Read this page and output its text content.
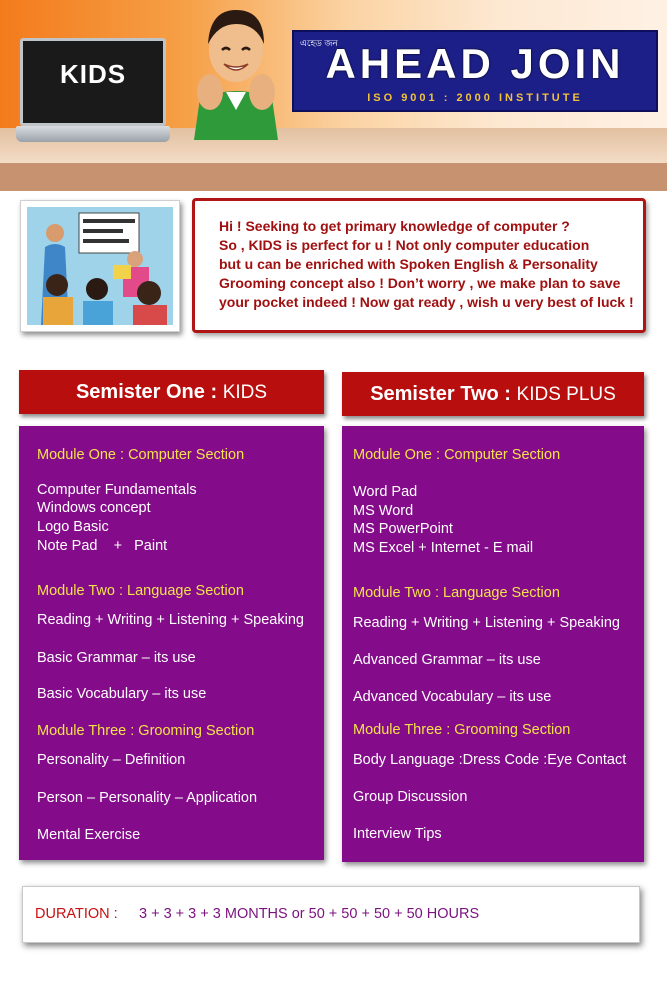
KIDS
এহেড জন
AHEAD JOIN
ISO 9001 : 2000 INSTITUTE
Hi ! Seeking to get primary knowledge of computer ?
So , KIDS is perfect for u ! Not only computer education
but u can be enriched with Spoken English & Personality
Grooming concept also ! Don’t worry , we make plan to save
your pocket indeed ! Now gat ready , wish u very best of luck !
Semister One : KIDS	Semister Two : KIDS PLUS
Module One : Computer Section
Computer Fundamentals
Windows concept
Logo Basic
Note Pad    +   Paint
Module Two : Language Section
Reading + Writing + Listening + Speaking
Basic Grammar – its use
Basic Vocabulary – its use
Module Three : Grooming Section
Personality – Definition
Person – Personality – Application
Mental Exercise
Module One : Computer Section
Word Pad
MS Word
MS PowerPoint
MS Excel + Internet - E mail
Module Two : Language Section
Reading + Writing + Listening + Speaking
Advanced Grammar – its use
Advanced Vocabulary – its use
Module Three : Grooming Section
Body Language :Dress Code :Eye Contact
Group Discussion
Interview Tips
DURATION : 3 + 3 + 3 + 3 MONTHS or 50 + 50 + 50 + 50 HOURS
